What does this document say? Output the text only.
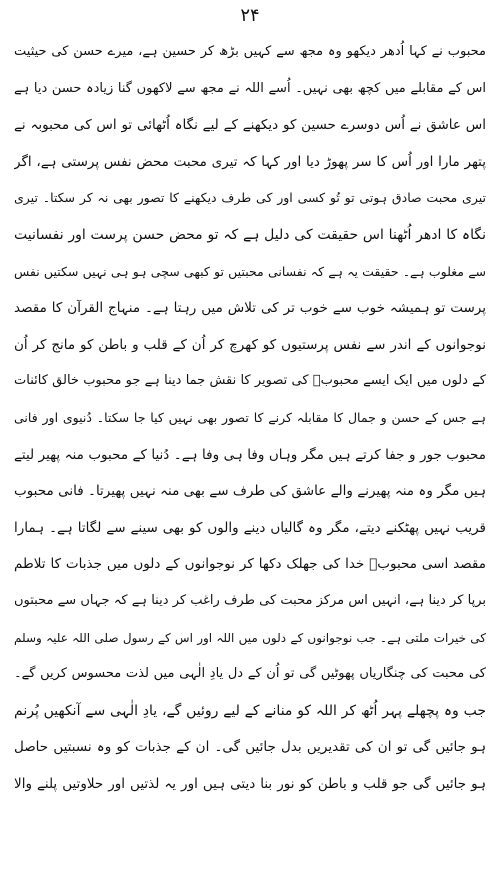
۲۴
محبوب نے کہا اُدھر دیکھو وہ مجھ سے کہیں بڑھ کر حسین ہے، میرے حسن کی حیثیت
اس کے مقابلے میں کچھ بھی نہیں۔ اُسے اللہ نے مجھ سے لاکھوں گنا زیادہ حسن دیا ہے
اس عاشق نے اُس دوسرے حسین کو دیکھنے کے لیے نگاہ اُٹھائی تو اس کی محبوبہ نے
پتھر مارا اور اُس کا سر پھوڑ دیا اور کہا کہ تیری محبت محض نفس پرستی ہے، اگر
تیری محبت صادق ہوتی تو تُو کسی اور کی طرف دیکھنے کا تصور بھی نہ کر سکتا۔ تیری
نگاہ کا ادھر اُٹھنا اس حقیقت کی دلیل ہے کہ تو محض حسن پرست اور نفسانیت
سے مغلوب ہے۔ حقیقت یہ ہے کہ نفسانی محبتیں تو کبھی سچی ہو ہی نہیں سکتیں نفس
پرست تو ہمیشہ خوب سے خوب تر کی تلاش میں رہتا ہے۔ منہاج القرآن کا مقصد
نوجوانوں کے اندر سے نفس پرستیوں کو کھرچ کر اُن کے قلب و باطن کو مانج کر اُن
کے دلوں میں ایک ایسے محبوبؐ کی تصویر کا نقش جما دینا ہے جو محبوب خالق کائنات
ہے جس کے حسن و جمال کا مقابلہ کرنے کا تصور بھی نہیں کیا جا سکتا۔ دُنیوی اور فانی
محبوب جور و جفا کرتے ہیں مگر وہاں وفا ہی وفا ہے۔ دُنیا کے محبوب منہ پھیر لیتے
ہیں مگر وہ منہ پھیرنے والے عاشق کی طرف سے بھی منہ نہیں پھیرتا۔ فانی محبوب
قریب نہیں پھٹکنے دیتے، مگر وہ گالیاں دینے والوں کو بھی سینے سے لگاتا ہے۔ ہمارا
مقصد اسی محبوبؐ خدا کی جھلک دکھا کر نوجوانوں کے دلوں میں جذبات کا تلاطم
برپا کر دینا ہے، انہیں اس مرکز محبت کی طرف راغب کر دینا ہے کہ جہاں سے محبتوں
کی خیرات ملتی ہے۔ جب نوجوانوں کے دلوں میں اللہ اور اس کے رسول صلی اللہ علیہ وسلم
کی محبت کی چنگاریاں پھوٹیں گی تو اُن کے دل یادِ الٰہی میں لذت محسوس کریں گے۔
جب وہ پچھلے پہر اُٹھ کر اللہ کو منانے کے لیے روئیں گے، یادِ الٰہی سے آنکھیں پُرنم
ہو جائیں گی تو ان کی تقدیریں بدل جائیں گی۔ ان کے جذبات کو وہ نسبتیں حاصل
ہو جائیں گی جو قلب و باطن کو نور بنا دیتی ہیں اور یہ لذتیں اور حلاوتیں پلنے والا
